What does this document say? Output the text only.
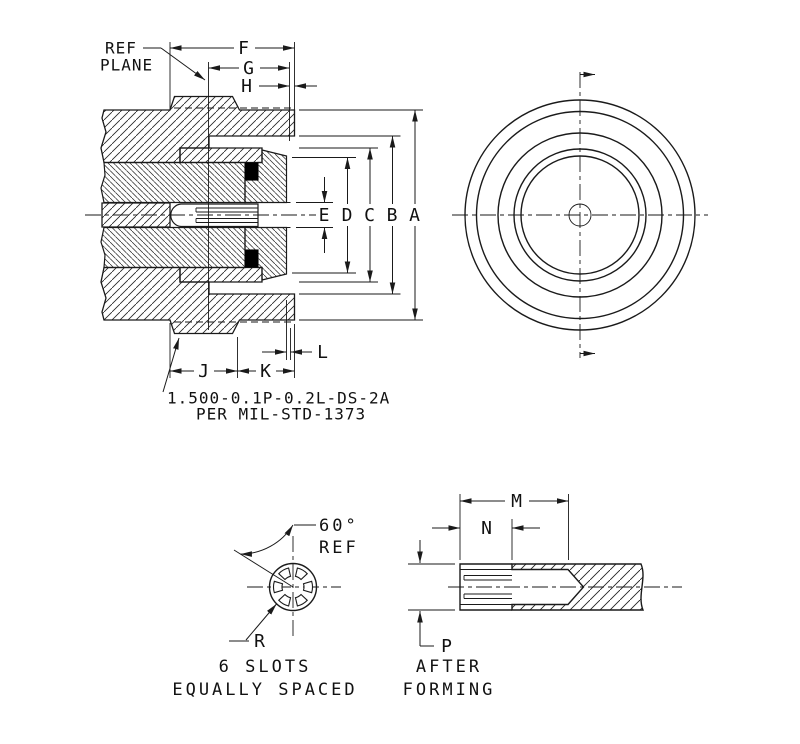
REF
PLANE
F
G
H
A
B
C
D
E
J	K
L
1.500-0.1P-0.2L-DS-2A
PER MIL-STD-1373
60°
REF
R
6 SLOTS
EQUALLY SPACED
M
N
P
AFTER
FORMING
